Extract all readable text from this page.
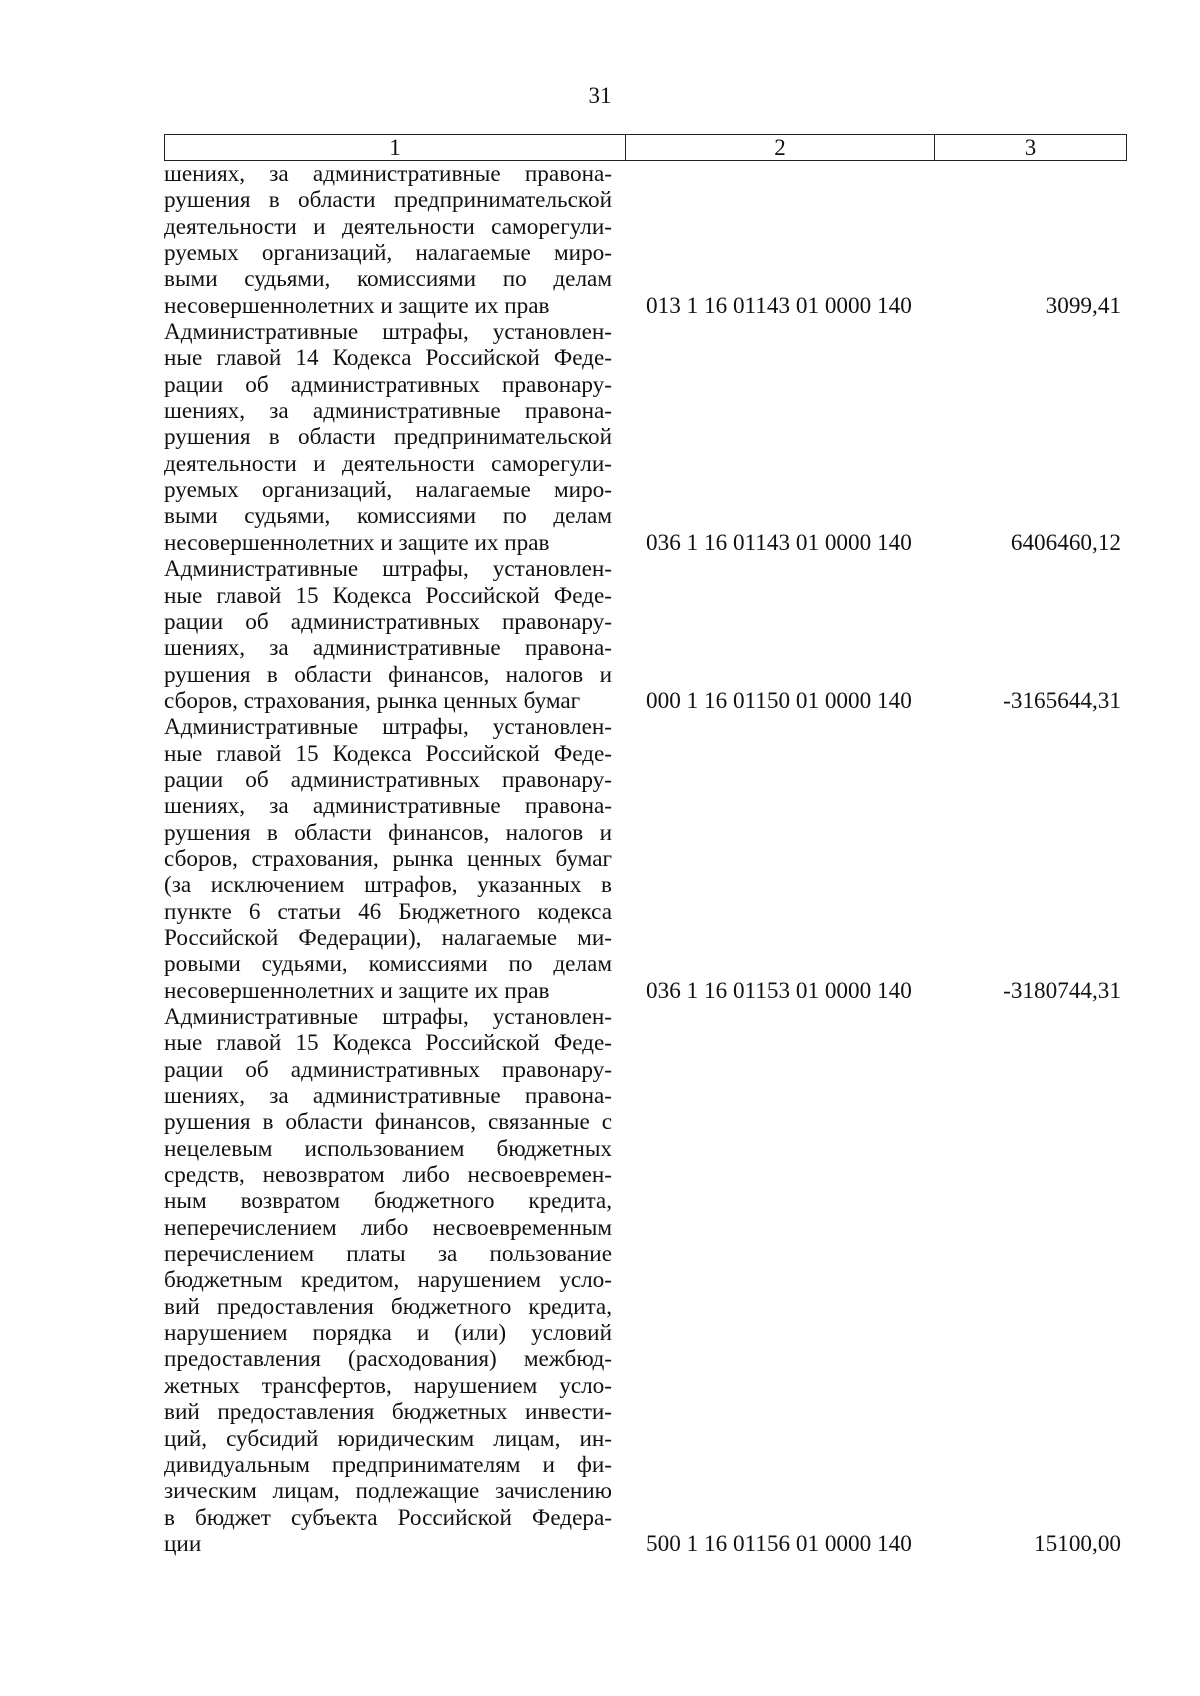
31
1	2	3
шениях, за административные правона-
рушения в области предпринимательской
деятельности и деятельности саморегули-
руемых организаций, налагаемые миро-
выми судьями, комиссиями по делам
несовершеннолетних и защите их прав	013 1 16 01143 01 0000 140	3099,41
Административные штрафы, установлен-
ные главой 14 Кодекса Российской Феде-
рации об административных правонару-
шениях, за административные правона-
рушения в области предпринимательской
деятельности и деятельности саморегули-
руемых организаций, налагаемые миро-
выми судьями, комиссиями по делам
несовершеннолетних и защите их прав	036 1 16 01143 01 0000 140	6406460,12
Административные штрафы, установлен-
ные главой 15 Кодекса Российской Феде-
рации об административных правонару-
шениях, за административные правона-
рушения в области финансов, налогов и
сборов, страхования, рынка ценных бумаг	000 1 16 01150 01 0000 140	-3165644,31
Административные штрафы, установлен-
ные главой 15 Кодекса Российской Феде-
рации об административных правонару-
шениях, за административные правона-
рушения в области финансов, налогов и
сборов, страхования, рынка ценных бумаг
(за исключением штрафов, указанных в
пункте 6 статьи 46 Бюджетного кодекса
Российской Федерации), налагаемые ми-
ровыми судьями, комиссиями по делам
несовершеннолетних и защите их прав	036 1 16 01153 01 0000 140	-3180744,31
Административные штрафы, установлен-
ные главой 15 Кодекса Российской Феде-
рации об административных правонару-
шениях, за административные правона-
рушения в области финансов, связанные с
нецелевым использованием бюджетных
средств, невозвратом либо несвоевремен-
ным возвратом бюджетного кредита,
неперечислением либо несвоевременным
перечислением платы за пользование
бюджетным кредитом, нарушением усло-
вий предоставления бюджетного кредита,
нарушением порядка и (или) условий
предоставления (расходования) межбюд-
жетных трансфертов, нарушением усло-
вий предоставления бюджетных инвести-
ций, субсидий юридическим лицам, ин-
дивидуальным предпринимателям и фи-
зическим лицам, подлежащие зачислению
в бюджет субъекта Российской Федера-
ции	500 1 16 01156 01 0000 140	15100,00
